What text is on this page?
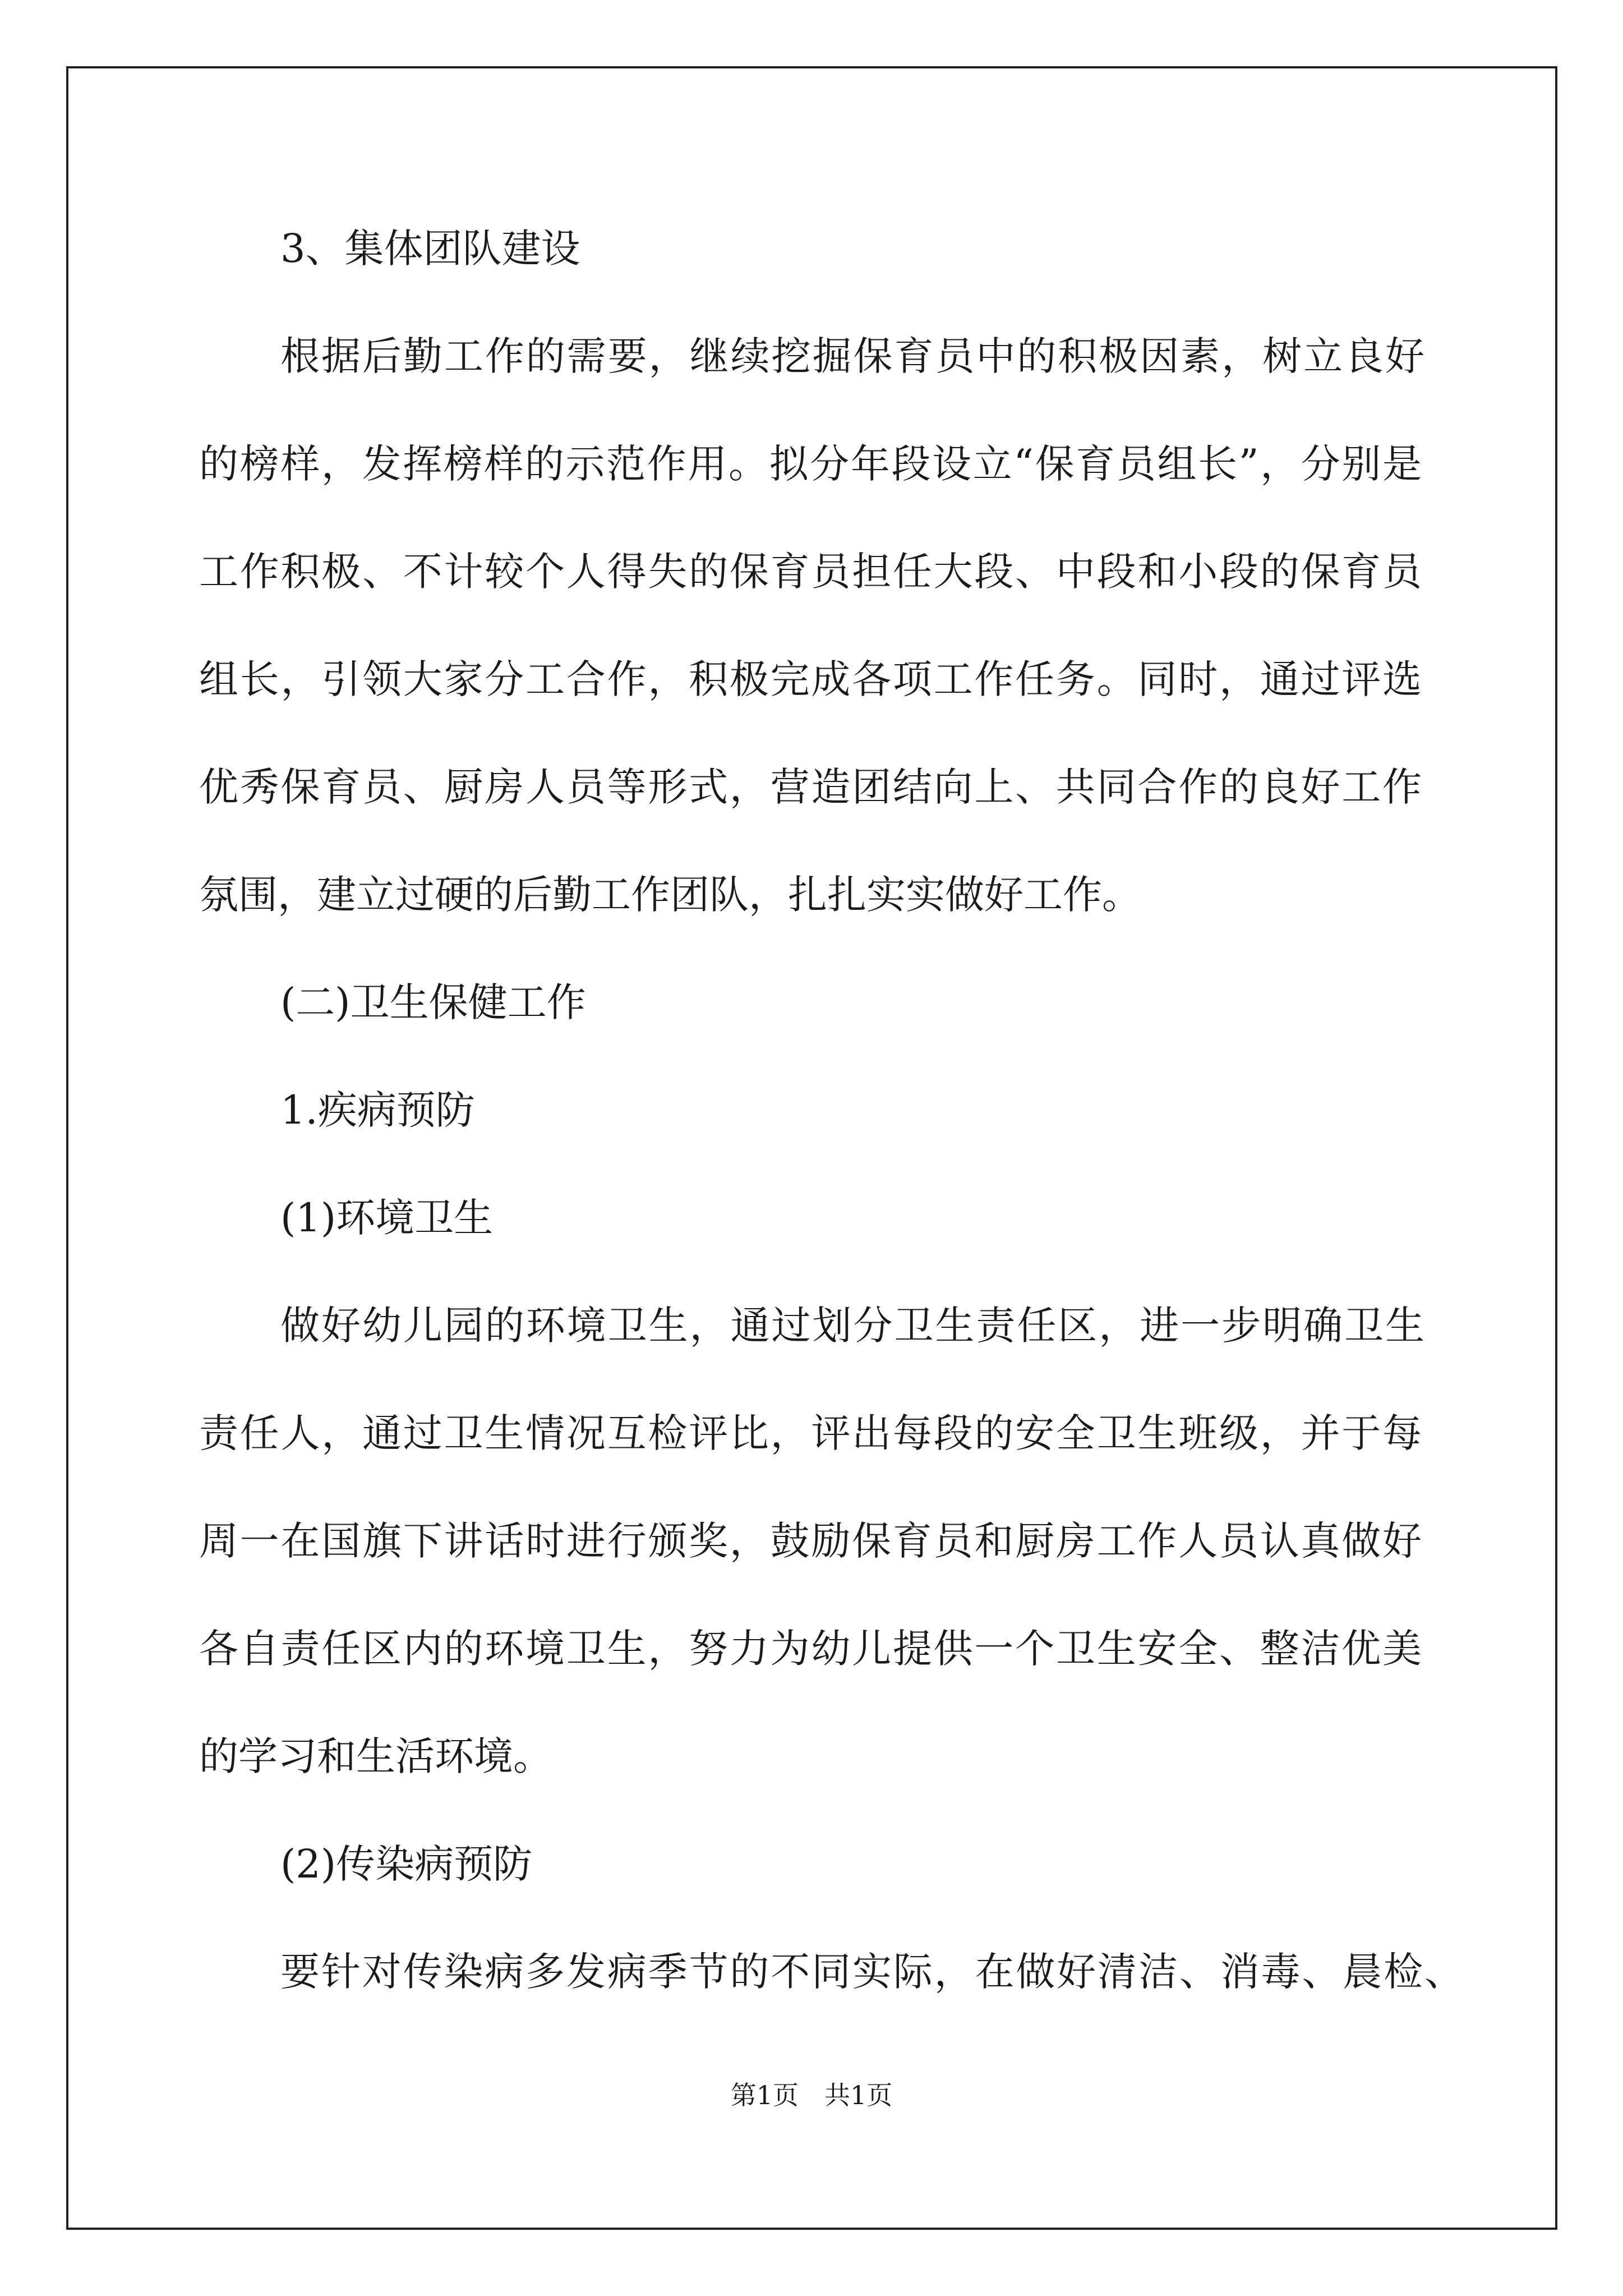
3、集体团队建设
根据后勤工作的需要，继续挖掘保育员中的积极因素，树立良好
的榜样，发挥榜样的示范作用。拟分年段设立“保育员组长”，分别是
工作积极、不计较个人得失的保育员担任大段、中段和小段的保育员
组长，引领大家分工合作，积极完成各项工作任务。同时，通过评选
优秀保育员、厨房人员等形式，营造团结向上、共同合作的良好工作
氛围，建立过硬的后勤工作团队，扎扎实实做好工作。
(二)卫生保健工作
1.疾病预防
(1)环境卫生
做好幼儿园的环境卫生，通过划分卫生责任区，进一步明确卫生
责任人，通过卫生情况互检评比，评出每段的安全卫生班级，并于每
周一在国旗下讲话时进行颁奖，鼓励保育员和厨房工作人员认真做好
各自责任区内的环境卫生，努力为幼儿提供一个卫生安全、整洁优美
的学习和生活环境。
(2)传染病预防
要针对传染病多发病季节的不同实际，在做好清洁、消毒、晨检、
第1页　共1页
